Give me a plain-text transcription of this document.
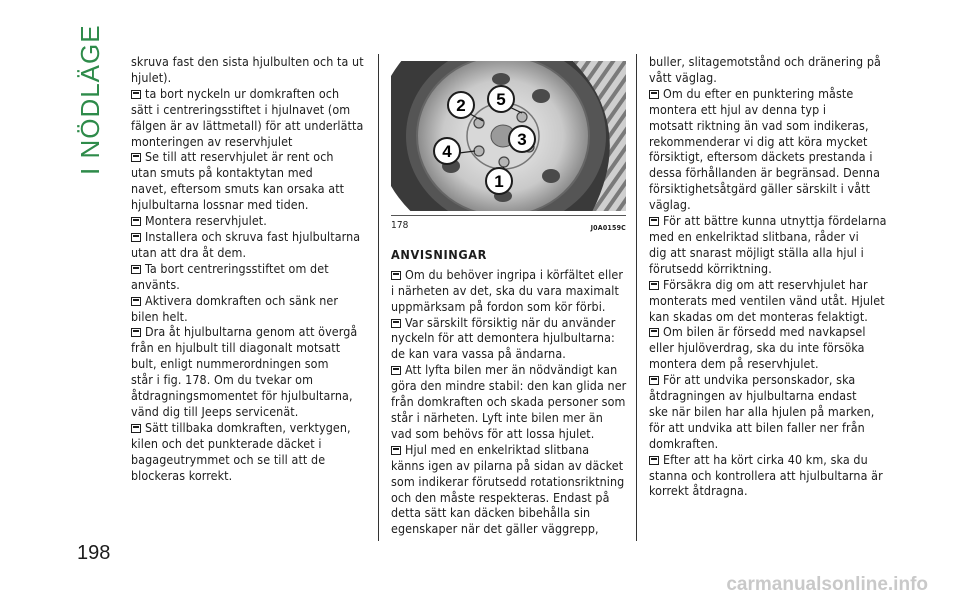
I NÖDLÄGE
198
skruva fast den sista hjulbulten och ta ut
hjulet).
ta bort nyckeln ur domkraften och
sätt i centreringsstiftet i hjulnavet (om
fälgen är av lättmetall) för att underlätta
monteringen av reservhjulet
Se till att reservhjulet är rent och
utan smuts på kontaktytan med
navet, eftersom smuts kan orsaka att
hjulbultarna lossnar med tiden.
Montera reservhjulet.
Installera och skruva fast hjulbultarna
utan att dra åt dem.
Ta bort centreringsstiftet om det
använts.
Aktivera domkraften och sänk ner
bilen helt.
Dra åt hjulbultarna genom att övergå
från en hjulbult till diagonalt motsatt
bult, enligt nummerordningen som
står i fig. 178. Om du tvekar om
åtdragningsmomentet för hjulbultarna,
vänd dig till Jeeps servicenät.
Sätt tillbaka domkraften, verktygen,
kilen och det punkterade däcket i
bagageutrymmet och se till att de
blockeras korrekt.
1
2
3
4
5
178	J0A0159C
ANVISNINGAR
Om du behöver ingripa i körfältet eller
i närheten av det, ska du vara maximalt
uppmärksam på fordon som kör förbi.
Var särskilt försiktig när du använder
nyckeln för att demontera hjulbultarna:
de kan vara vassa på ändarna.
Att lyfta bilen mer än nödvändigt kan
göra den mindre stabil: den kan glida ner
från domkraften och skada personer som
står i närheten. Lyft inte bilen mer än
vad som behövs för att lossa hjulet.
Hjul med en enkelriktad slitbana
känns igen av pilarna på sidan av däcket
som indikerar förutsedd rotationsriktning
och den måste respekteras. Endast på
detta sätt kan däcken bibehålla sin
egenskaper när det gäller väggrepp,
buller, slitagemotstånd och dränering på
vått väglag.
Om du efter en punktering måste
montera ett hjul av denna typ i
motsatt riktning än vad som indikeras,
rekommenderar vi dig att köra mycket
försiktigt, eftersom däckets prestanda i
dessa förhållanden är begränsad. Denna
försiktighetsåtgärd gäller särskilt i vått
väglag.
För att bättre kunna utnyttja fördelarna
med en enkelriktad slitbana, råder vi
dig att snarast möjligt ställa alla hjul i
förutsedd körriktning.
Försäkra dig om att reservhjulet har
monterats med ventilen vänd utåt. Hjulet
kan skadas om det monteras felaktigt.
Om bilen är försedd med navkapsel
eller hjulöverdrag, ska du inte försöka
montera dem på reservhjulet.
För att undvika personskador, ska
åtdragningen av hjulbultarna endast
ske när bilen har alla hjulen på marken,
för att undvika att bilen faller ner från
domkraften.
Efter att ha kört cirka 40 km, ska du
stanna och kontrollera att hjulbultarna är
korrekt åtdragna.
carmanualsonline.info
